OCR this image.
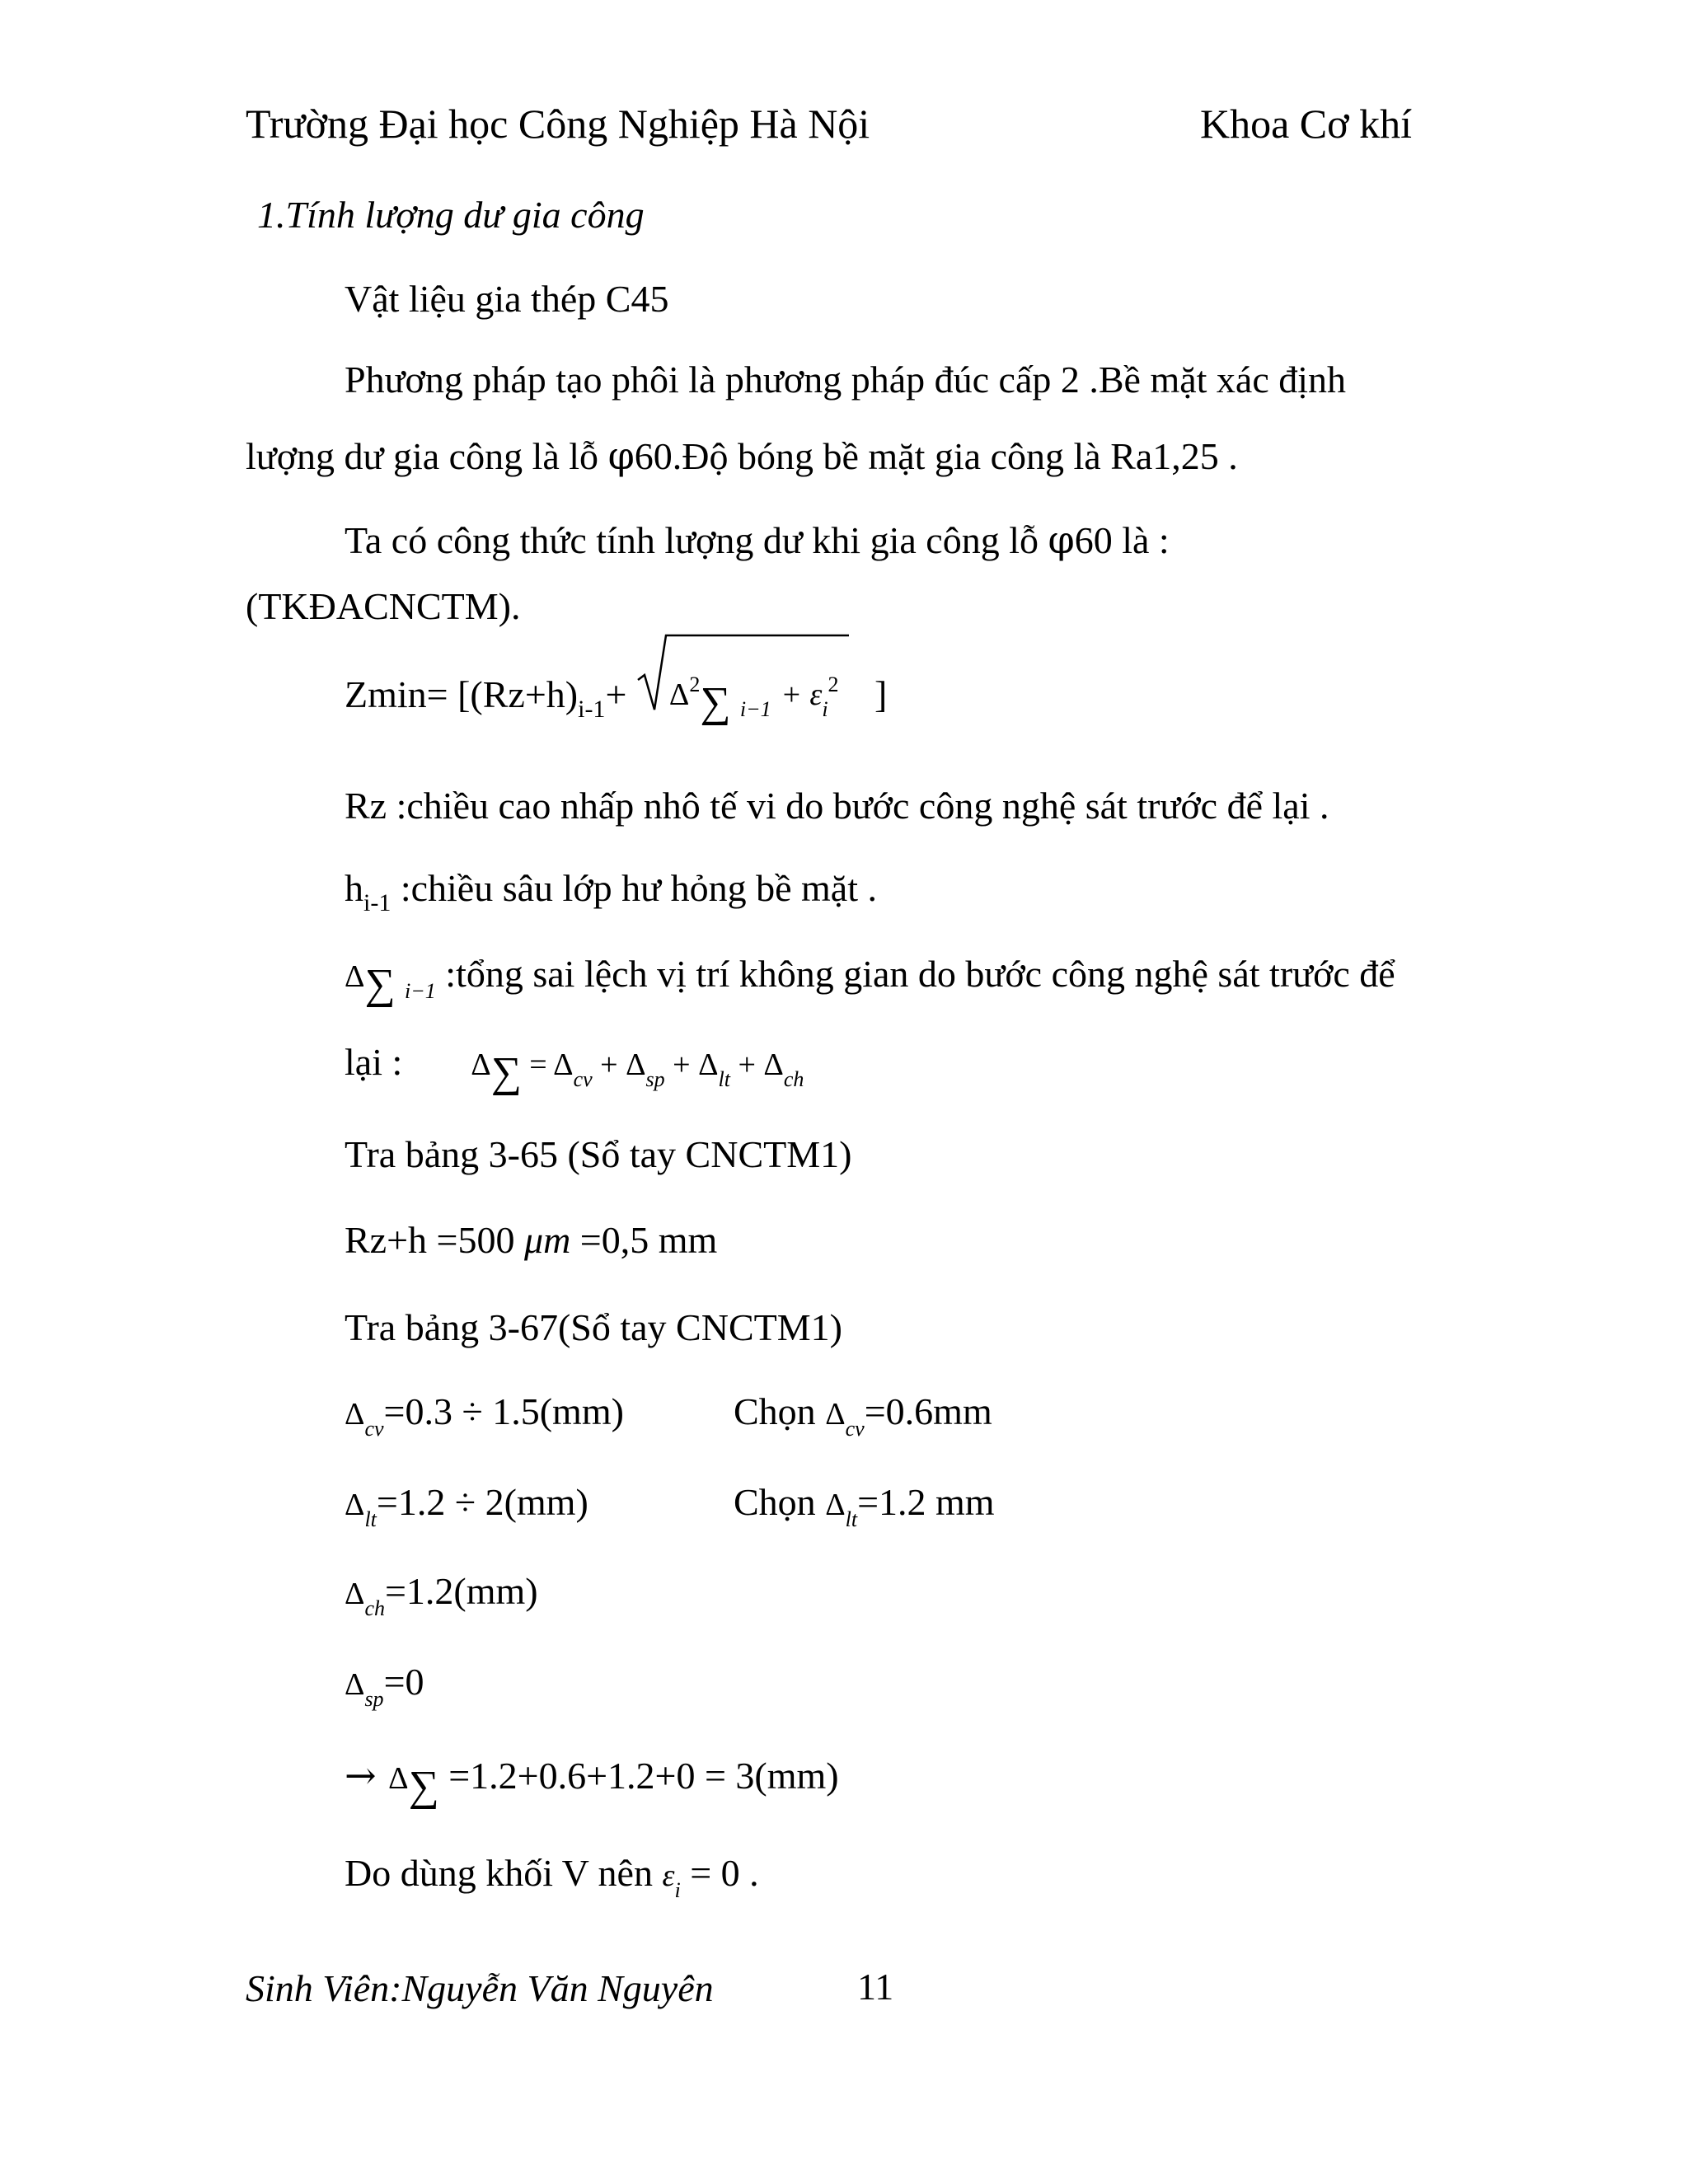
Trường Đại học Công Nghiệp Hà Nội	Khoa Cơ khí
1.Tính lượng dư gia công
Vật liệu gia thép C45
Phương pháp tạo phôi là phương pháp đúc cấp 2 .Bề mặt xác định
lượng dư gia công là lỗ φ60.Độ bóng bề mặt gia công là Ra1,25 .
Ta có công thức tính lượng dư khi gia công lỗ φ60 là :
(TKĐACNCTM).
$Zmin= [(Rz+h)_{i-1}+ \Delta^2\sum$ $_{i-1} + \varepsilon_i^2$ ]
Rz :chiều cao nhấp nhô tế vi do bước công nghệ sát trước để lại .
$h_{i-1}$ :chiều sâu lớp hư hỏng bề mặt .
Δ∑ $_{i-1}$ :tổng sai lệch vị trí không gian do bước công nghệ sát trước để
lại : $\Delta\sum = \Delta_{cv} + \Delta_{sp} + \Delta_{lt} + \Delta_{ch}$
Tra bảng 3-65 (Sổ tay CNCTM1)
Rz+h =500 μm =0,5 mm
Tra bảng 3-67(Sổ tay CNCTM1)
$\Delta_{cv}=0.3 \div 1.5(mm)$	Chọn $\Delta_{cv}=0.6mm$
$\Delta_{lt}=1.2 \div 2(mm)$	Chọn $\Delta_{lt}=1.2$ mm
$\Delta_{ch}=1.2(mm)$
$\Delta_{sp}=0$
→ Δ∑ =1.2+0.6+1.2+0 = 3(mm)
Do dùng khối V nên $\varepsilon_i = 0$ .
Sinh Viên:Nguyễn Văn Nguyên	11
